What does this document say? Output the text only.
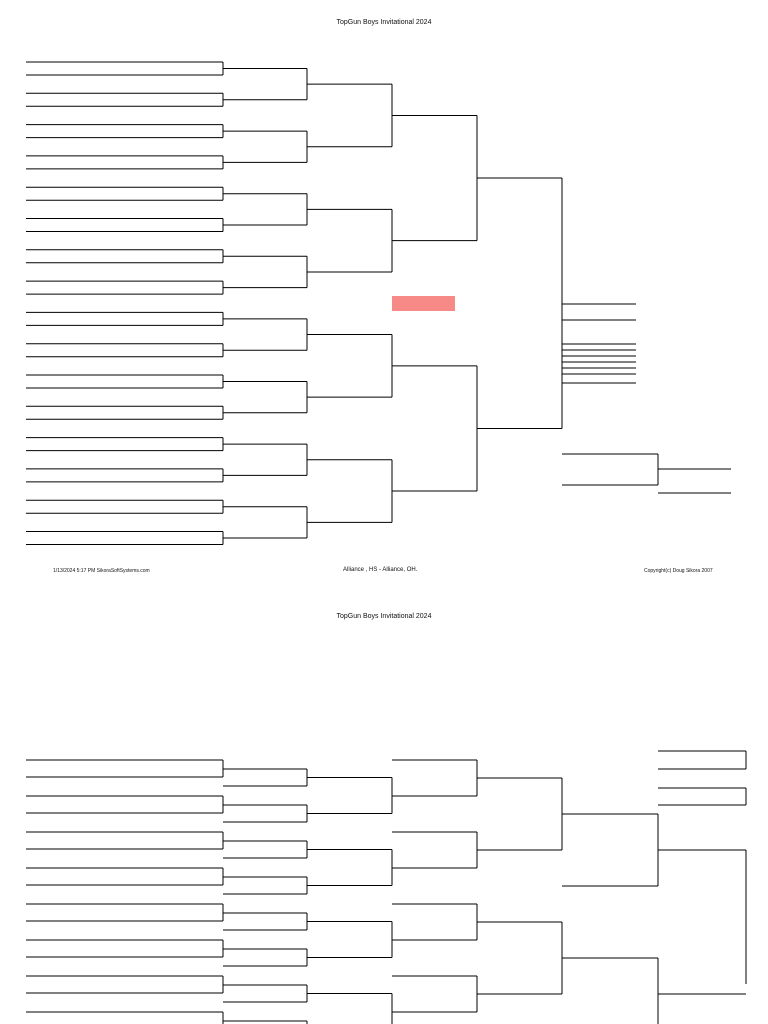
TopGun Boys Invitational 2024
1/13/2024 5:17 PM SikoraSoftSystems.com	Alliance , HS - Alliance, OH.	Copyright(c) Doug Sikora 2007
TopGun Boys Invitational 2024
